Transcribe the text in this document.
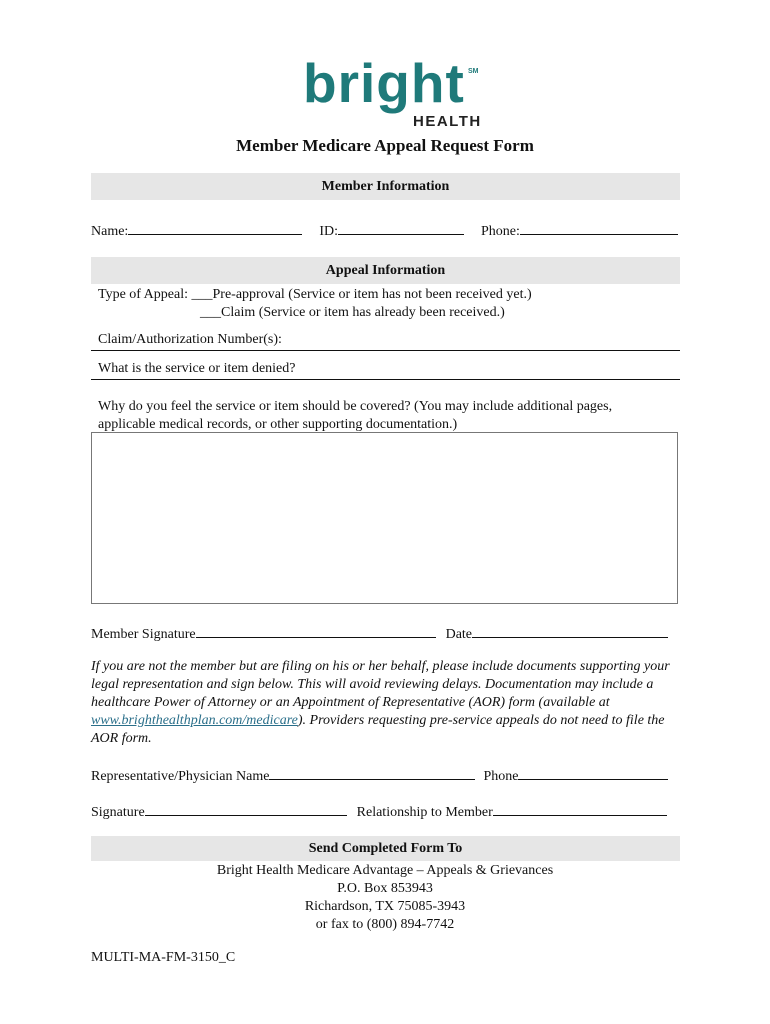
bright SM
HEALTH
Member Medicare Appeal Request Form
Member Information
Name:	ID:	Phone:
Appeal Information
Type of Appeal: ___Pre-approval (Service or item has not been received yet.)
___Claim (Service or item has already been received.)
Claim/Authorization Number(s):
What is the service or item denied?
Why do you feel the service or item should be covered? (You may include additional pages, applicable medical records, or other supporting documentation.)
Member Signature	Date
If you are not the member but are filing on his or her behalf, please include documents supporting your legal representation and sign below. This will avoid reviewing delays. Documentation may include a healthcare Power of Attorney or an Appointment of Representative (AOR) form (available at www.brighthealthplan.com/medicare). Providers requesting pre-service appeals do not need to file the AOR form.
Representative/Physician Name	Phone
Signature	Relationship to Member
Send Completed Form To
Bright Health Medicare Advantage – Appeals & Grievances
P.O. Box 853943
Richardson, TX 75085-3943
or fax to (800) 894-7742
MULTI-MA-FM-3150_C
